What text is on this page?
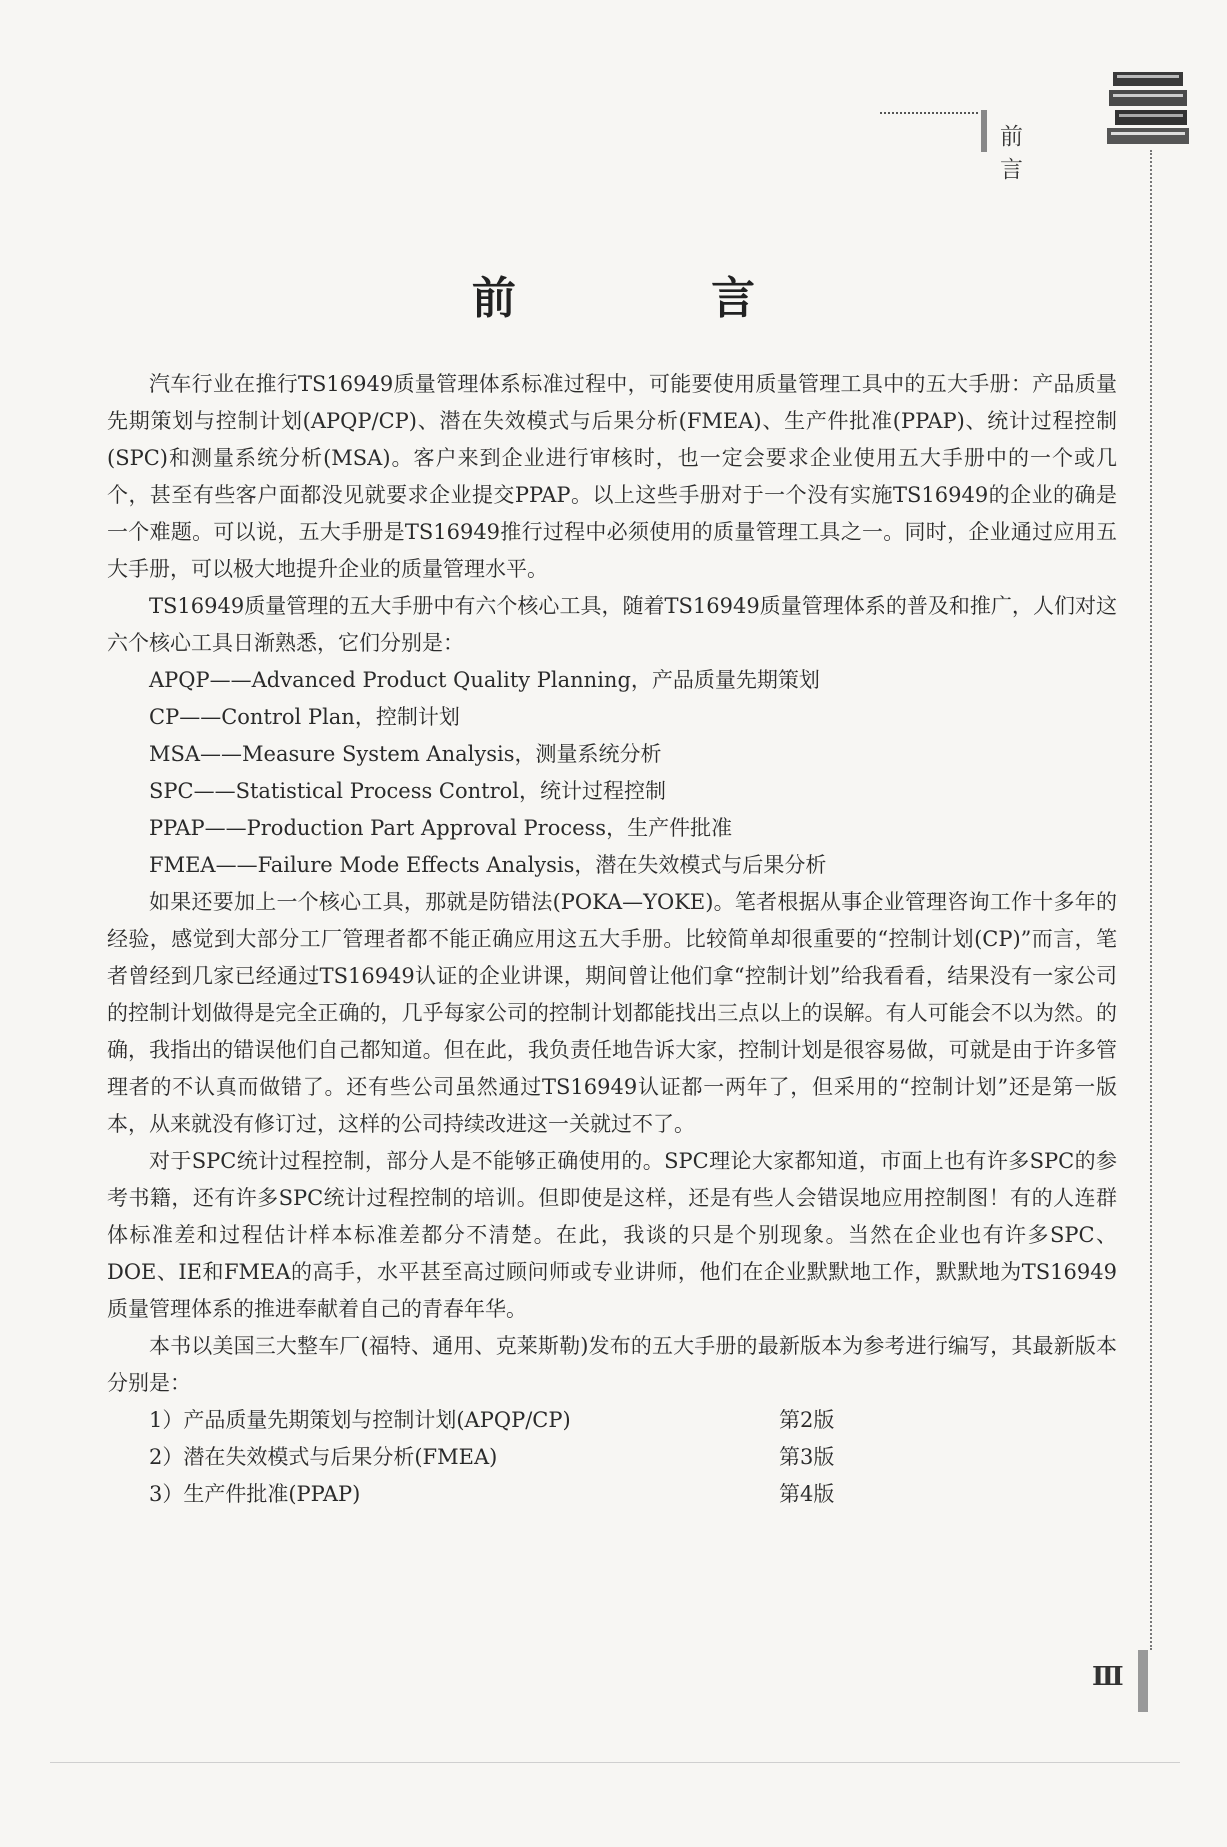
前 言
前 言

汽车行业在推行TS16949质量管理体系标准过程中，可能要使用质量管理工具中的五大手册：产品质量先期策划与控制计划(APQP/CP)、潜在失效模式与后果分析(FMEA)、生产件批准(PPAP)、统计过程控制(SPC)和测量系统分析(MSA)。客户来到企业进行审核时，也一定会要求企业使用五大手册中的一个或几个，甚至有些客户面都没见就要求企业提交PPAP。以上这些手册对于一个没有实施TS16949的企业的确是一个难题。可以说，五大手册是TS16949推行过程中必须使用的质量管理工具之一。同时，企业通过应用五大手册，可以极大地提升企业的质量管理水平。

TS16949质量管理的五大手册中有六个核心工具，随着TS16949质量管理体系的普及和推广，人们对这六个核心工具日渐熟悉，它们分别是：

APQP——Advanced Product Quality Planning，产品质量先期策划
CP——Control Plan，控制计划
MSA——Measure System Analysis，测量系统分析
SPC——Statistical Process Control，统计过程控制
PPAP——Production Part Approval Process，生产件批准
FMEA——Failure Mode Effects Analysis，潜在失效模式与后果分析

如果还要加上一个核心工具，那就是防错法(POKA—YOKE)。笔者根据从事企业管理咨询工作十多年的经验，感觉到大部分工厂管理者都不能正确应用这五大手册。比较简单却很重要的“控制计划(CP)”而言，笔者曾经到几家已经通过TS16949认证的企业讲课，期间曾让他们拿“控制计划”给我看看，结果没有一家公司的控制计划做得是完全正确的，几乎每家公司的控制计划都能找出三点以上的误解。有人可能会不以为然。的确，我指出的错误他们自己都知道。但在此，我负责任地告诉大家，控制计划是很容易做，可就是由于许多管理者的不认真而做错了。还有些公司虽然通过TS16949认证都一两年了，但采用的“控制计划”还是第一版本，从来就没有修订过，这样的公司持续改进这一关就过不了。

对于SPC统计过程控制，部分人是不能够正确使用的。SPC理论大家都知道，市面上也有许多SPC的参考书籍，还有许多SPC统计过程控制的培训。但即使是这样，还是有些人会错误地应用控制图！有的人连群体标准差和过程估计样本标准差都分不清楚。在此，我谈的只是个别现象。当然在企业也有许多SPC、DOE、IE和FMEA的高手，水平甚至高过顾问师或专业讲师，他们在企业默默地工作，默默地为TS16949质量管理体系的推进奉献着自己的青春年华。

本书以美国三大整车厂(福特、通用、克莱斯勒)发布的五大手册的最新版本为参考进行编写，其最新版本分别是：

1）产品质量先期策划与控制计划(APQP/CP)	第2版
2）潜在失效模式与后果分析(FMEA)	第3版
3）生产件批准(PPAP)	第4版
Ⅲ
